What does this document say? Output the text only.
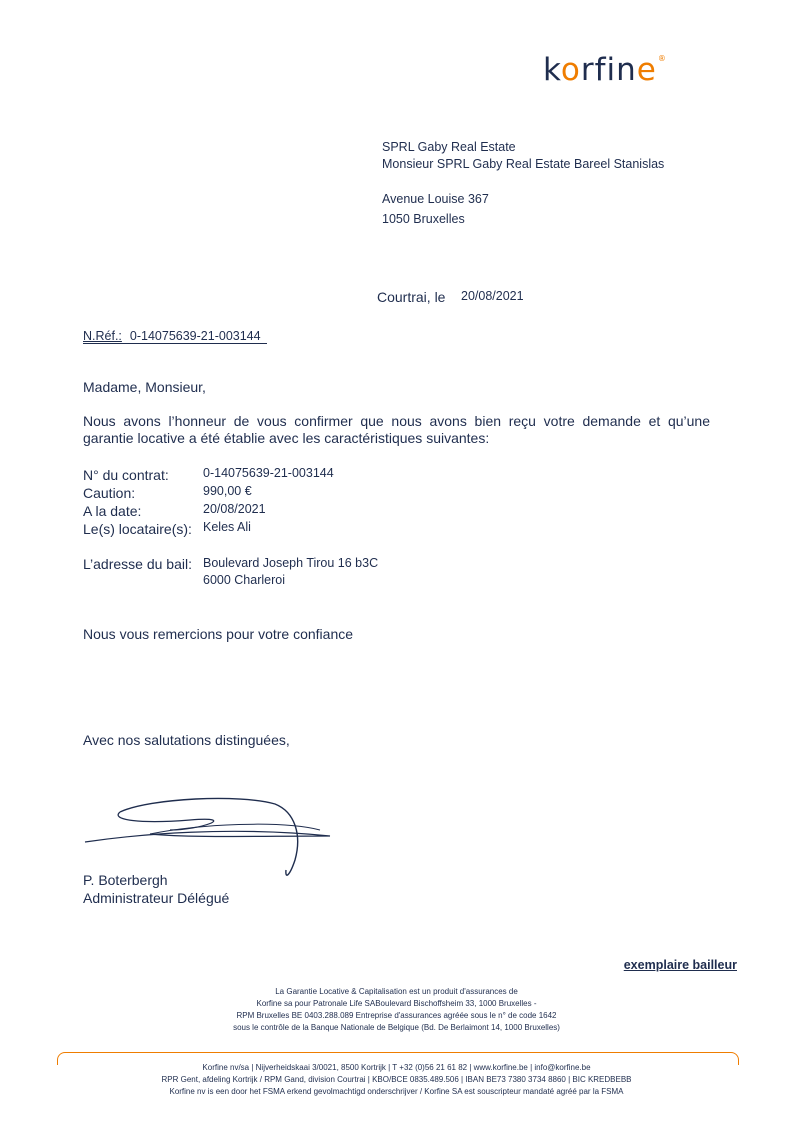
korfine ®
SPRL Gaby Real Estate
Monsieur SPRL Gaby Real Estate Bareel Stanislas
Avenue Louise 367
1050 Bruxelles
Courtrai, le 20/08/2021
N.Réf.: 0-14075639-21-003144
Madame, Monsieur,
Nous avons l’honneur de vous confirmer que nous avons bien reçu votre demande et qu’une garantie locative a été établie avec les caractéristiques suivantes:
N° du contrat:	0-14075639-21-003144
Caution:	990,00 €
A la date:	20/08/2021
Le(s) locataire(s): Keles Ali
L’adresse du bail: Boulevard Joseph Tirou 16 b3C
6000 Charleroi
Nous vous remercions pour votre confiance
Avec nos salutations distinguées,
P. Boterbergh
Administrateur Délégué
exemplaire bailleur
La Garantie Locative & Capitalisation est un produit d'assurances de
Korfine sa pour Patronale Life SABoulevard Bischoffsheim 33, 1000 Bruxelles -
RPM Bruxelles BE 0403.288.089 Entreprise d'assurances agréée sous le n° de code 1642
sous le contrôle de la Banque Nationale de Belgique (Bd. De Berlaimont 14, 1000 Bruxelles)
Korfine nv/sa | Nijverheidskaai 3/0021, 8500 Kortrijk | T +32 (0)56 21 61 82 | www.korfine.be | info@korfine.be
RPR Gent, afdeling Kortrijk / RPM Gand, division Courtrai | KBO/BCE 0835.489.506 | IBAN BE73 7380 3734 8860 | BIC KREDBEBB
Korfine nv is een door het FSMA erkend gevolmachtigd onderschrijver / Korfine SA est souscripteur mandaté agréé par la FSMA
